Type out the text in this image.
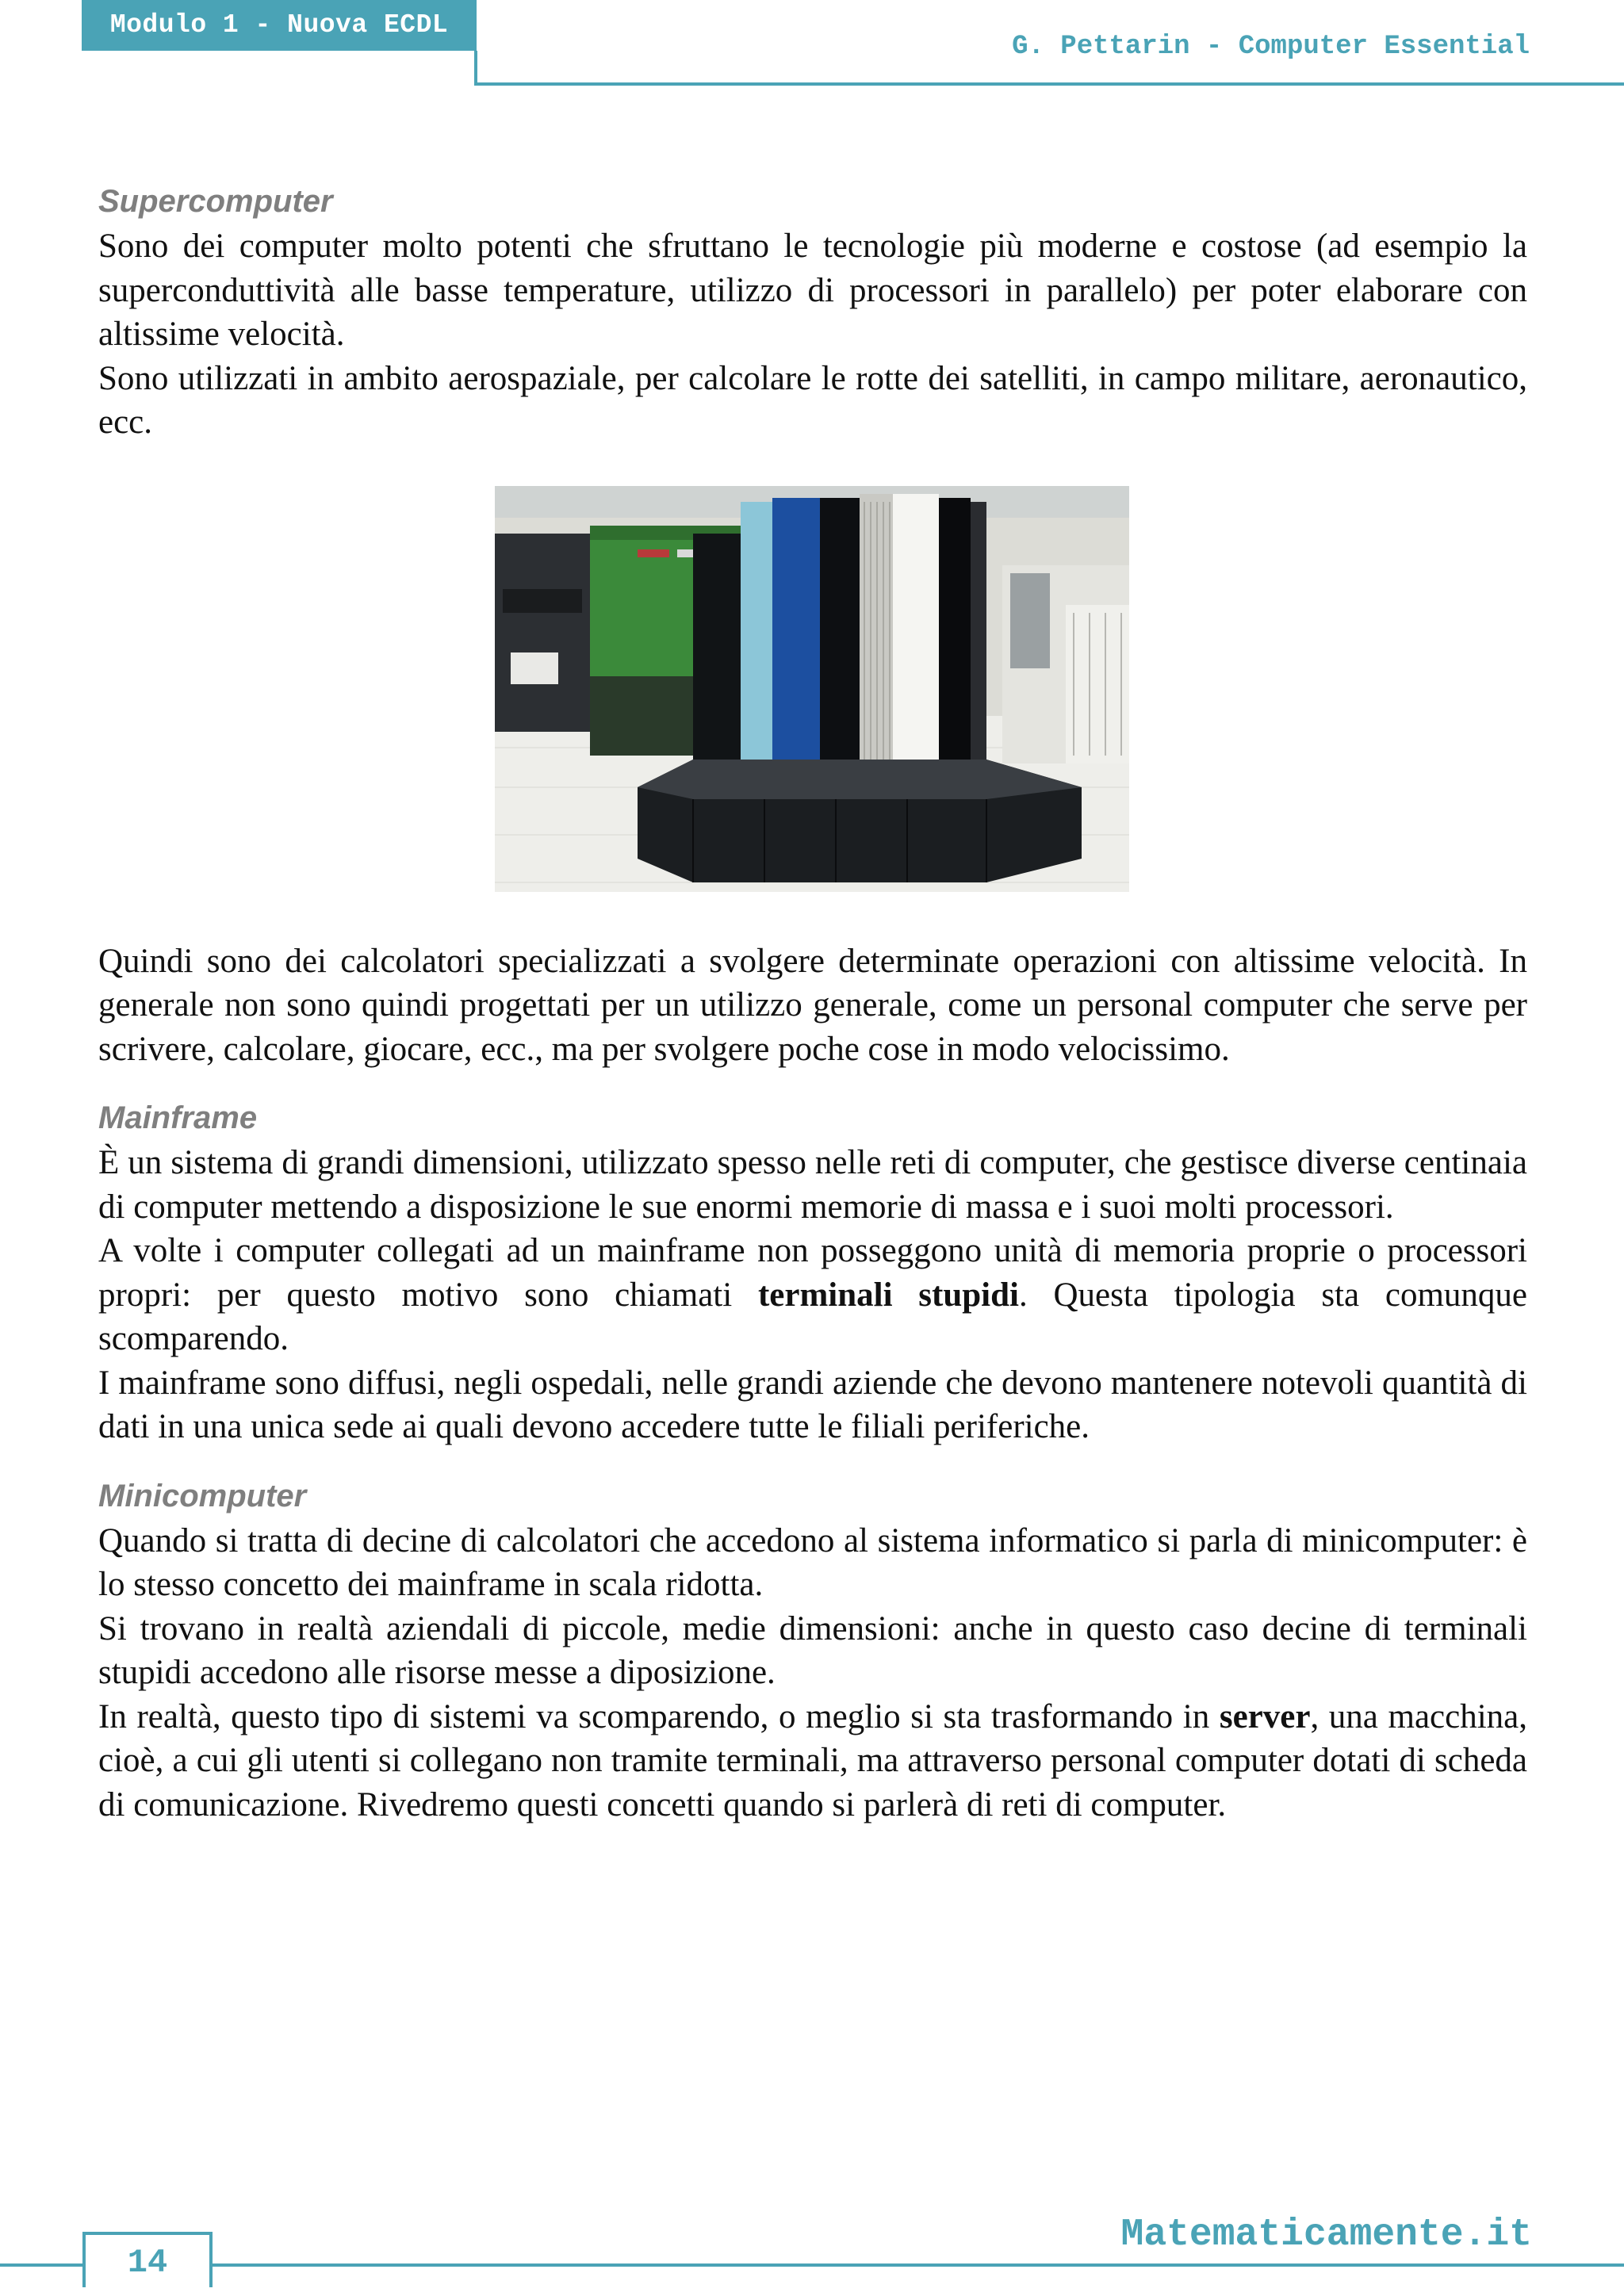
Modulo 1 - Nuova ECDL
G. Pettarin - Computer Essential
Supercomputer

Sono dei computer molto potenti che sfruttano le tecnologie più moderne e costose (ad esempio la superconduttività alle basse temperature, utilizzo di processori in parallelo) per poter elaborare con altissime velocità.

Sono utilizzati in ambito aerospaziale, per calcolare le rotte dei satelliti, in campo militare, aeronautico, ecc.

Quindi sono dei calcolatori specializzati a svolgere determinate operazioni con altissime velocità. In generale non sono quindi progettati per un utilizzo generale, come un personal computer che serve per scrivere, calcolare, giocare, ecc., ma per svolgere poche cose in modo velocissimo.

Mainframe

È un sistema di grandi dimensioni, utilizzato spesso nelle reti di computer, che gestisce diverse centinaia di computer mettendo a disposizione le sue enormi memorie di massa e i suoi molti processori.

A volte i computer collegati ad un mainframe non posseggono unità di memoria proprie o processori propri: per questo motivo sono chiamati terminali stupidi. Questa tipologia sta comunque scomparendo.

I mainframe sono diffusi, negli ospedali, nelle grandi aziende che devono mantenere notevoli quantità di dati in una unica sede ai quali devono accedere tutte le filiali periferiche.

Minicomputer

Quando si tratta di decine di calcolatori che accedono al sistema informatico si parla di minicomputer: è lo stesso concetto dei mainframe in scala ridotta.

Si trovano in realtà aziendali di piccole, medie dimensioni: anche in questo caso decine di terminali stupidi accedono alle risorse messe a diposizione.

In realtà, questo tipo di sistemi va scomparendo, o meglio si sta trasformando in server, una macchina, cioè, a cui gli utenti si collegano non tramite terminali, ma attraverso personal computer dotati di scheda di comunicazione. Rivedremo questi concetti quando si parlerà di reti di computer.

14
Matematicamente.it
